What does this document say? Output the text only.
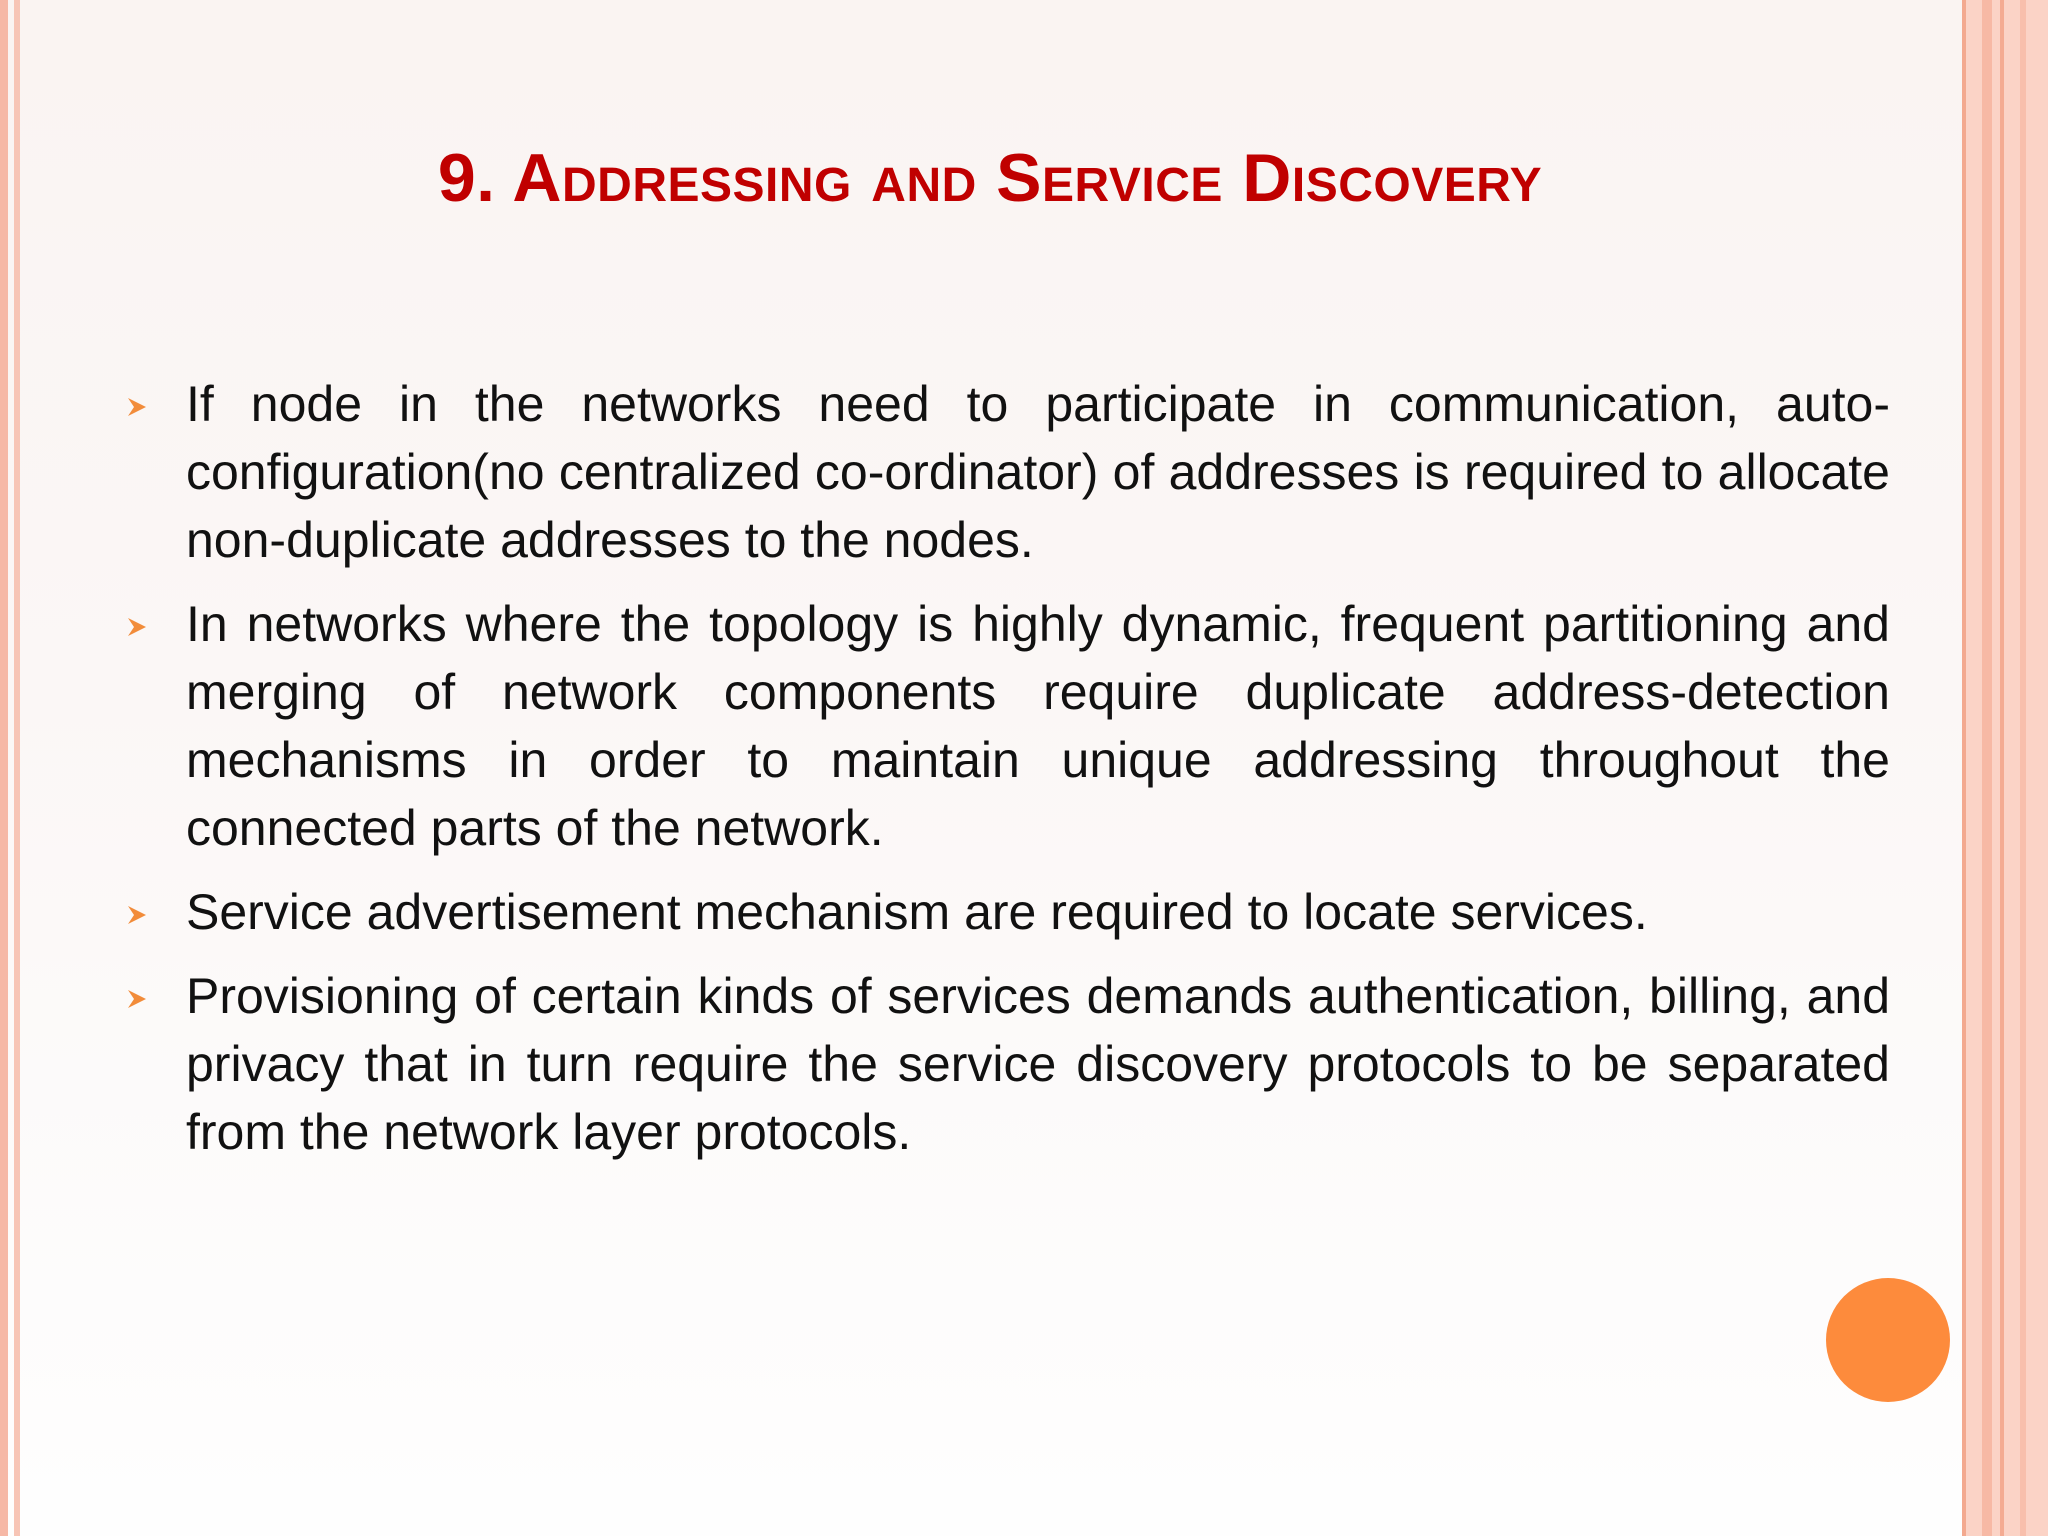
9. Addressing and Service Discovery
If node in the networks need to participate in communication, auto-configuration(no centralized co-ordinator) of addresses is required to allocate non-duplicate addresses to the nodes.
In networks where the topology is highly dynamic, frequent partitioning and merging of network components require duplicate address-detection mechanisms in order to maintain unique addressing throughout the connected parts of the network.
Service advertisement mechanism are required to locate services.
Provisioning of certain kinds of services demands authentication, billing, and privacy that in turn require the service discovery protocols to be separated from the network layer protocols.
